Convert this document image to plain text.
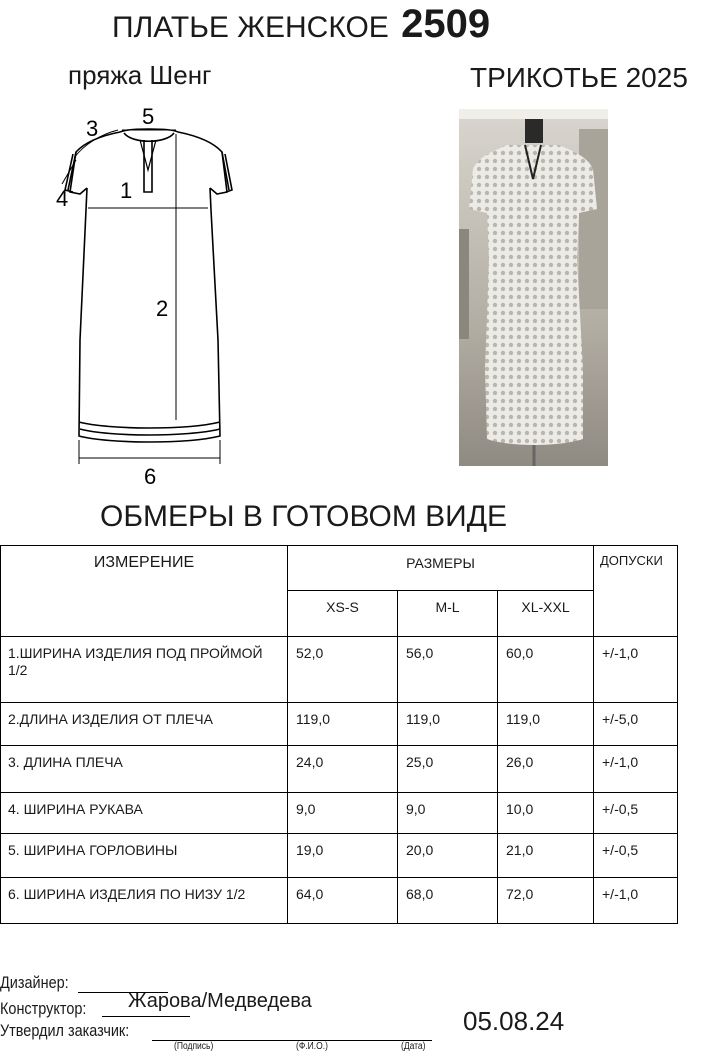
ПЛАТЬЕ ЖЕНСКОЕ 2509
пряжа Шенг	ТРИКОТЬЕ 2025
1
2
3
4
5
6
ОБМЕРЫ В ГОТОВОМ ВИДЕ
ИЗМЕРЕНИЕ	РАЗМЕРЫ			ДОПУСКИ
	XS-S	M-L	XL-XXL	
1.ШИРИНА ИЗДЕЛИЯ ПОД ПРОЙМОЙ 1/2	52,0	56,0	60,0	+/-1,0
2.ДЛИНА ИЗДЕЛИЯ ОТ ПЛЕЧА	119,0	119,0	119,0	+/-5,0
3. ДЛИНА ПЛЕЧА	24,0	25,0	26,0	+/-1,0
4. ШИРИНА РУКАВА	9,0	9,0	10,0	+/-0,5
5. ШИРИНА ГОРЛОВИНЫ	19,0	20,0	21,0	+/-0,5
6. ШИРИНА ИЗДЕЛИЯ ПО НИЗУ 1/2	64,0	68,0	72,0	+/-1,0
Дизайнер:
Конструктор: Жарова/Медведева
Утвердил заказчик:
(Подпись)	(Ф.И.О.)	(Дата)
05.08.24
